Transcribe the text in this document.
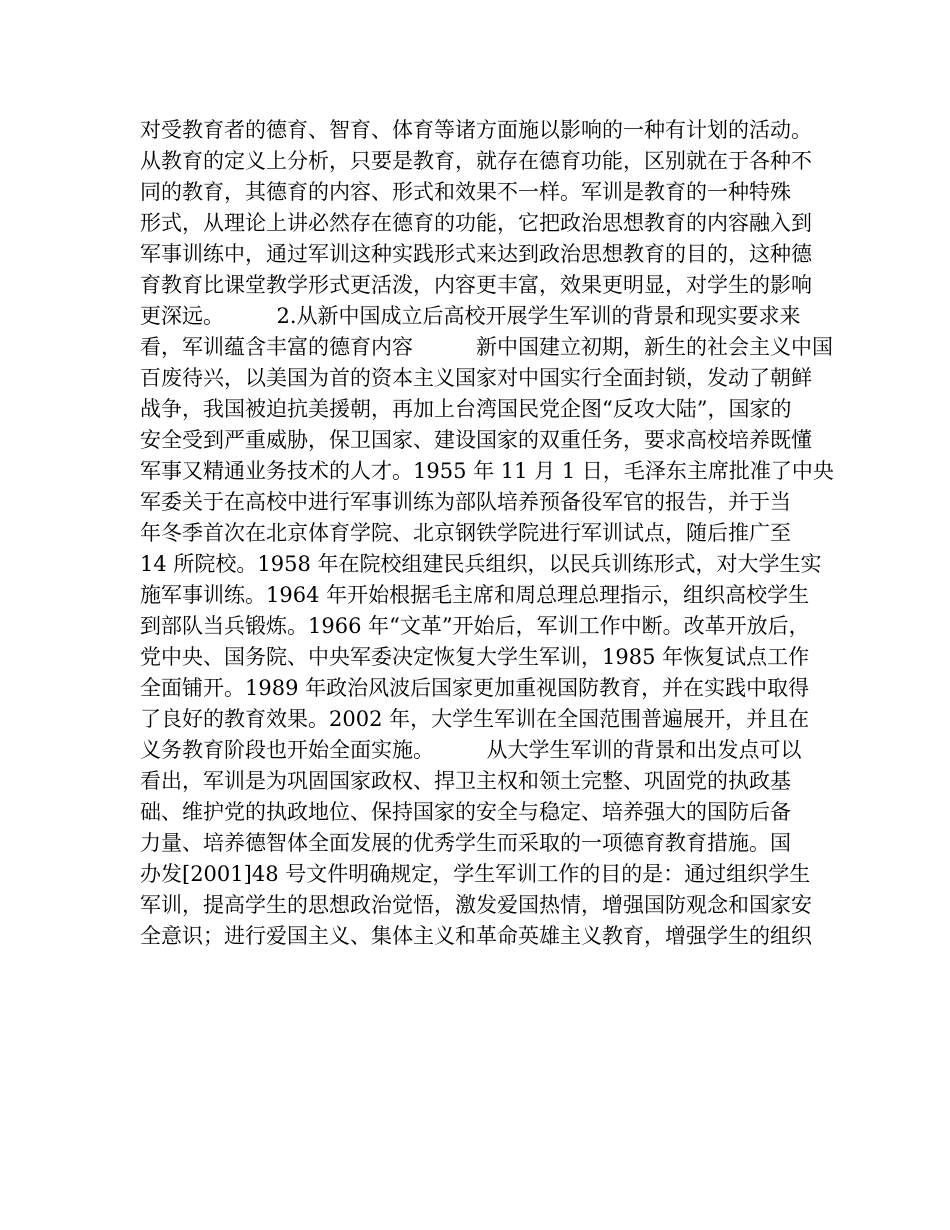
对受教育者的德育、智育、体育等诸方面施以影响的一种有计划的活动。
从教育的定义上分析，只要是教育，就存在德育功能，区别就在于各种不
同的教育，其德育的内容、形式和效果不一样。军训是教育的一种特殊
形式，从理论上讲必然存在德育的功能，它把政治思想教育的内容融入到
军事训练中，通过军训这种实践形式来达到政治思想教育的目的，这种德
育教育比课堂教学形式更活泼，内容更丰富，效果更明显，对学生的影响
更深远。　　　2.从新中国成立后高校开展学生军训的背景和现实要求来
看，军训蕴含丰富的德育内容　　　新中国建立初期，新生的社会主义中国
百废待兴，以美国为首的资本主义国家对中国实行全面封锁，发动了朝鲜
战争，我国被迫抗美援朝，再加上台湾国民党企图“反攻大陆”，国家的
安全受到严重威胁，保卫国家、建设国家的双重任务，要求高校培养既懂
军事又精通业务技术的人才。1955 年 11 月 1 日，毛泽东主席批准了中央
军委关于在高校中进行军事训练为部队培养预备役军官的报告，并于当
年冬季首次在北京体育学院、北京钢铁学院进行军训试点，随后推广至
14 所院校。1958 年在院校组建民兵组织，以民兵训练形式，对大学生实
施军事训练。1964 年开始根据毛主席和周总理总理指示，组织高校学生
到部队当兵锻炼。1966 年“文革”开始后，军训工作中断。改革开放后，
党中央、国务院、中央军委决定恢复大学生军训，1985 年恢复试点工作
全面铺开。1989 年政治风波后国家更加重视国防教育，并在实践中取得
了良好的教育效果。2002 年，大学生军训在全国范围普遍展开，并且在
义务教育阶段也开始全面实施。　　　从大学生军训的背景和出发点可以
看出，军训是为巩固国家政权、捍卫主权和领土完整、巩固党的执政基
础、维护党的执政地位、保持国家的安全与稳定、培养强大的国防后备
力量、培养德智体全面发展的优秀学生而采取的一项德育教育措施。国
办发[2001]48 号文件明确规定，学生军训工作的目的是：通过组织学生
军训，提高学生的思想政治觉悟，激发爱国热情，增强国防观念和国家安
全意识；进行爱国主义、集体主义和革命英雄主义教育，增强学生的组织
